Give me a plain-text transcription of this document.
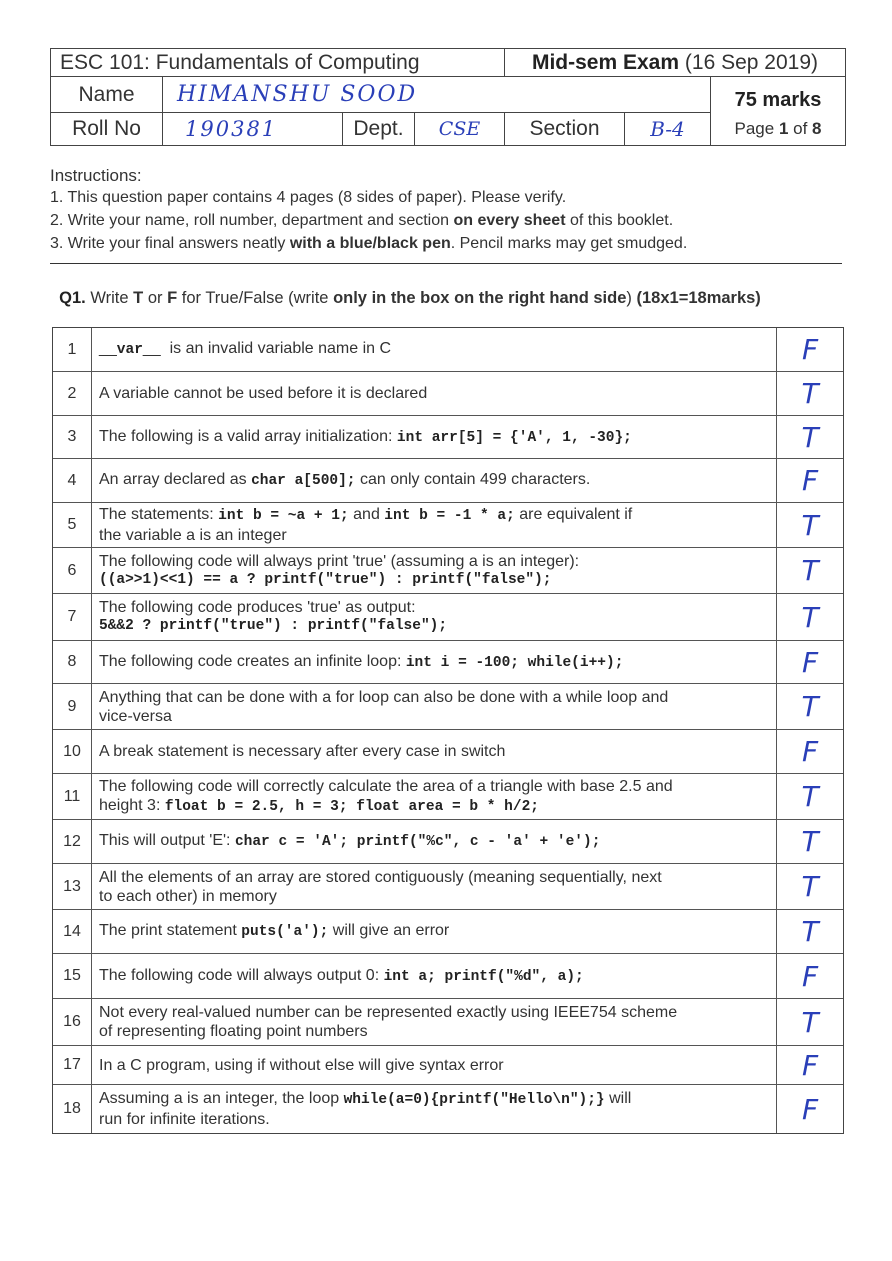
ESC 101: Fundamentals of Computing	Mid-sem Exam
(16 Sep 2019)
Name HIMANSHU SOOD	75 marks
Roll No 190381	Dept. CSE Section	B-4	Page 1 of 8
Instructions:
1. This question paper contains 4 pages (8 sides of paper). Please verify.
2. Write your name, roll number, department and section on every sheet of this booklet.
3. Write your final answers neatly with a blue/black pen. Pencil marks may get smudged.

Q1. Write T or F for True/False (write only in the box on the right hand side) (18x1=18marks)

1	__var__  is an invalid variable name in C	F
2	A variable cannot be used before it is declared	T
3	The following is a valid array initialization: int arr[5] = {'A', 1, -30};	T
4	An array declared as char a[500]; can only contain 499 characters.	F
5
The statements: int b = ~a + 1; and int b = -1 * a; are equivalent if
the variable a is an integer	T
6
The following code will always print 'true' (assuming a is an integer):
((a>>1)<<1) == a ? printf("true") : printf("false");	T
7
The following code produces 'true' as output:
5&&2 ? printf("true") : printf("false");	T
8	The following code creates an infinite loop: int i = -100; while(i++);	F
9
Anything that can be done with a for loop can also be done with a while loop and
vice-versa	T
10	A break statement is necessary after every case in switch	F
11
The following code will correctly calculate the area of a triangle with base 2.5 and
height 3: float b = 2.5, h = 3; float area = b * h/2;	T
12	This will output 'E': char c = 'A'; printf("%c", c - 'a' + 'e');	T
13
All the elements of an array are stored contiguously (meaning sequentially, next
to each other) in memory	T
14	The print statement puts('a'); will give an error	T
15	The following code will always output 0: int a; printf("%d", a);	F
16
Not every real-valued number can be represented exactly using IEEE754 scheme
of representing floating point numbers	T
17	In a C program, using if without else will give syntax error	F
18
Assuming a is an integer, the loop while(a=0){printf("Hello\n");} will
run for infinite iterations.	F
